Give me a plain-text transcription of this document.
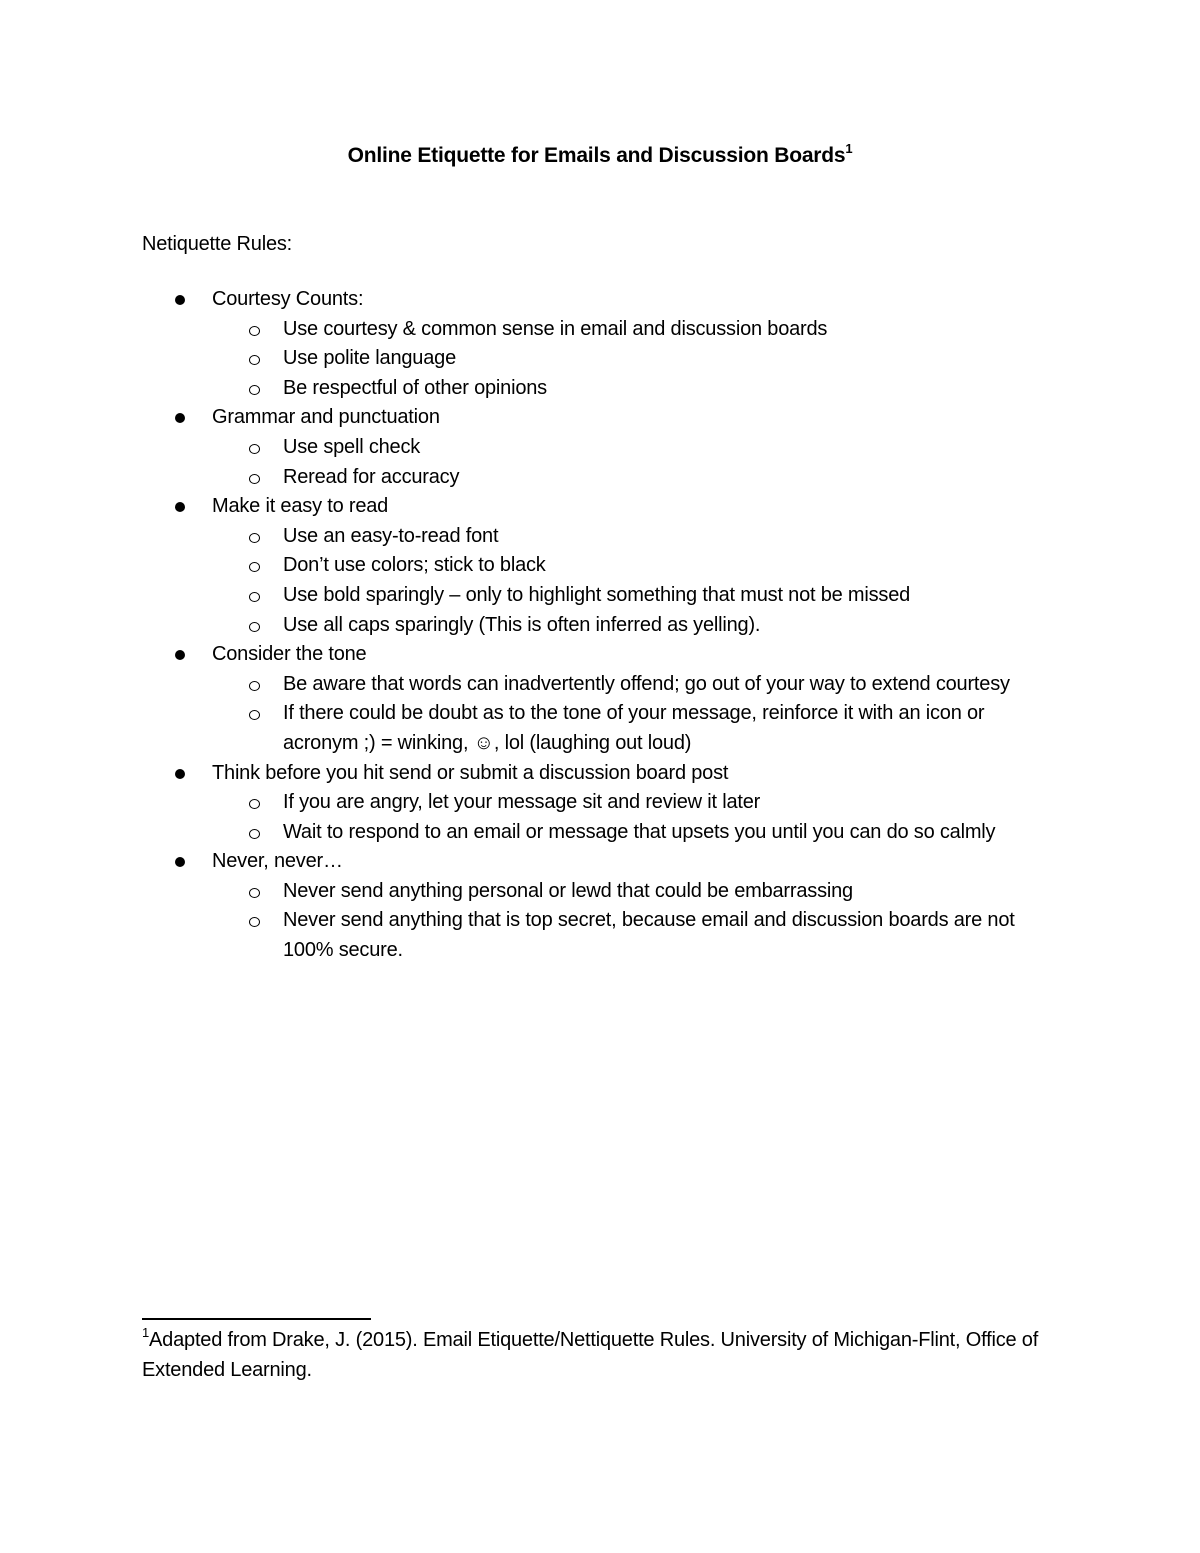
Online Etiquette for Emails and Discussion Boards$^1$
Netiquette Rules:
Courtesy Counts:
Use courtesy & common sense in email and discussion boards
Use polite language
Be respectful of other opinions
Grammar and punctuation
Use spell check
Reread for accuracy
Make it easy to read
Use an easy-to-read font
Don’t use colors; stick to black
Use bold sparingly – only to highlight something that must not be missed
Use all caps sparingly (This is often inferred as yelling).
Consider the tone
Be aware that words can inadvertently offend; go out of your way to extend courtesy
If there could be doubt as to the tone of your message, reinforce it with an icon or acronym ;) = winking, ☺, lol (laughing out loud)
Think before you hit send or submit a discussion board post
If you are angry, let your message sit and review it later
Wait to respond to an email or message that upsets you until you can do so calmly
Never, never…
Never send anything personal or lewd that could be embarrassing
Never send anything that is top secret, because email and discussion boards are not 100% secure.
$^1$Adapted from Drake, J. (2015). Email Etiquette/Nettiquette Rules. University of Michigan-Flint, Office of Extended Learning.
